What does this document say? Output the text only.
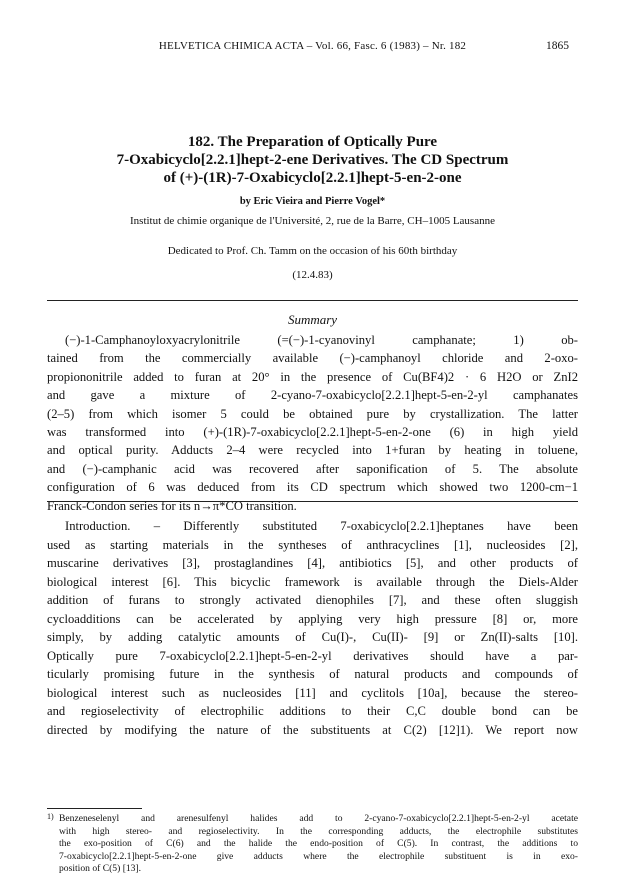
HELVETICA CHIMICA ACTA – Vol. 66, Fasc. 6 (1983) – Nr. 182	1865
182. The Preparation of Optically Pure
7-Oxabicyclo[2.2.1]hept-2-ene Derivatives. The CD Spectrum
of (+)-(1R)-7-Oxabicyclo[2.2.1]hept-5-en-2-one
by Eric Vieira and Pierre Vogel*
Institut de chimie organique de l'Université, 2, rue de la Barre, CH–1005 Lausanne
Dedicated to Prof. Ch. Tamm on the occasion of his 60th birthday
(12.4.83)
Summary
(−)-1-Camphanoyloxyacrylonitrile (=(−)-1-cyanovinyl camphanate; 1) ob-
tained from the commercially available (−)-camphanoyl chloride and 2-oxo-
propiononitrile added to furan at 20° in the presence of Cu(BF4)2 · 6 H2O or ZnI2
and gave a mixture of 2-cyano-7-oxabicyclo[2.2.1]hept-5-en-2-yl camphanates
(2–5) from which isomer 5 could be obtained pure by crystallization. The latter
was transformed into (+)-(1R)-7-oxabicyclo[2.2.1]hept-5-en-2-one (6) in high yield
and optical purity. Adducts 2–4 were recycled into 1+furan by heating in toluene,
and (−)-camphanic acid was recovered after saponification of 5. The absolute
configuration of 6 was deduced from its CD spectrum which showed two 1200-cm−1
Franck-Condon series for its n→π*CO transition.
Introduction. – Differently substituted 7-oxabicyclo[2.2.1]heptanes have been
used as starting materials in the syntheses of anthracyclines [1], nucleosides [2],
muscarine derivatives [3], prostaglandines [4], antibiotics [5], and other products of
biological interest [6]. This bicyclic framework is available through the Diels-Alder
addition of furans to strongly activated dienophiles [7], and these often sluggish
cycloadditions can be accelerated by applying very high pressure [8] or, more
simply, by adding catalytic amounts of Cu(I)-, Cu(II)- [9] or Zn(II)-salts [10].
Optically pure 7-oxabicyclo[2.2.1]hept-5-en-2-yl derivatives should have a par-
ticularly promising future in the synthesis of natural products and compounds of
biological interest such as nucleosides [11] and cyclitols [10a], because the stereo-
and regioselectivity of electrophilic additions to their C,C double bond can be
directed by modifying the nature of the substituents at C(2) [12]1). We report now
1) Benzeneselenyl and arenesulfenyl halides add to 2-cyano-7-oxabicyclo[2.2.1]hept-5-en-2-yl acetate
with high stereo- and regioselectivity. In the corresponding adducts, the electrophile substitutes
the exo-position of C(6) and the halide the endo-position of C(5). In contrast, the additions to
7-oxabicyclo[2.2.1]hept-5-en-2-one give adducts where the electrophile substituent is in exo-
position of C(5) [13].
